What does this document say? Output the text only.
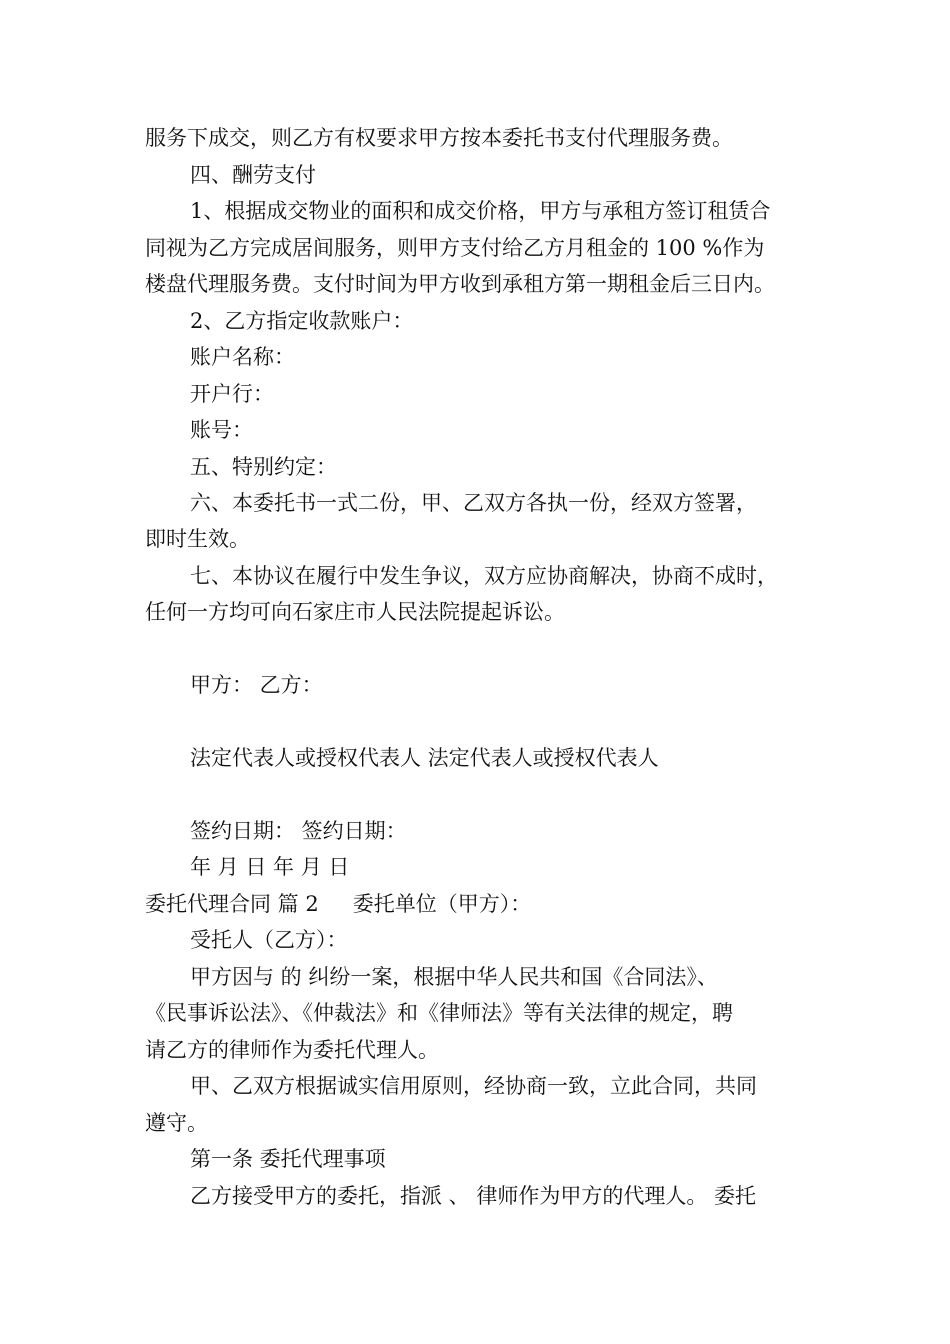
服务下成交，则乙方有权要求甲方按本委托书支付代理服务费。
四、酬劳支付
1、根据成交物业的面积和成交价格，甲方与承租方签订租赁合
同视为乙方完成居间服务，则甲方支付给乙方月租金的 100 %作为
楼盘代理服务费。支付时间为甲方收到承租方第一期租金后三日内。
2、乙方指定收款账户：
账户名称：
开户行：
账号：
五、特别约定：
六、本委托书一式二份，甲、乙双方各执一份，经双方签署，
即时生效。
七、本协议在履行中发生争议，双方应协商解决，协商不成时，
任何一方均可向石家庄市人民法院提起诉讼。
甲方： 乙方：
法定代表人或授权代表人 法定代表人或授权代表人
签约日期： 签约日期：
年 月 日 年 月 日
委托代理合同 篇 2 委托单位（甲方）：
受托人（乙方）：
甲方因与 的 纠纷一案，根据中华人民共和国《合同法》、
《民事诉讼法》、《仲裁法》和《律师法》等有关法律的规定，聘
请乙方的律师作为委托代理人。
甲、乙双方根据诚实信用原则，经协商一致，立此合同，共同
遵守。
第一条 委托代理事项
乙方接受甲方的委托，指派 、 律师作为甲方的代理人。 委托
